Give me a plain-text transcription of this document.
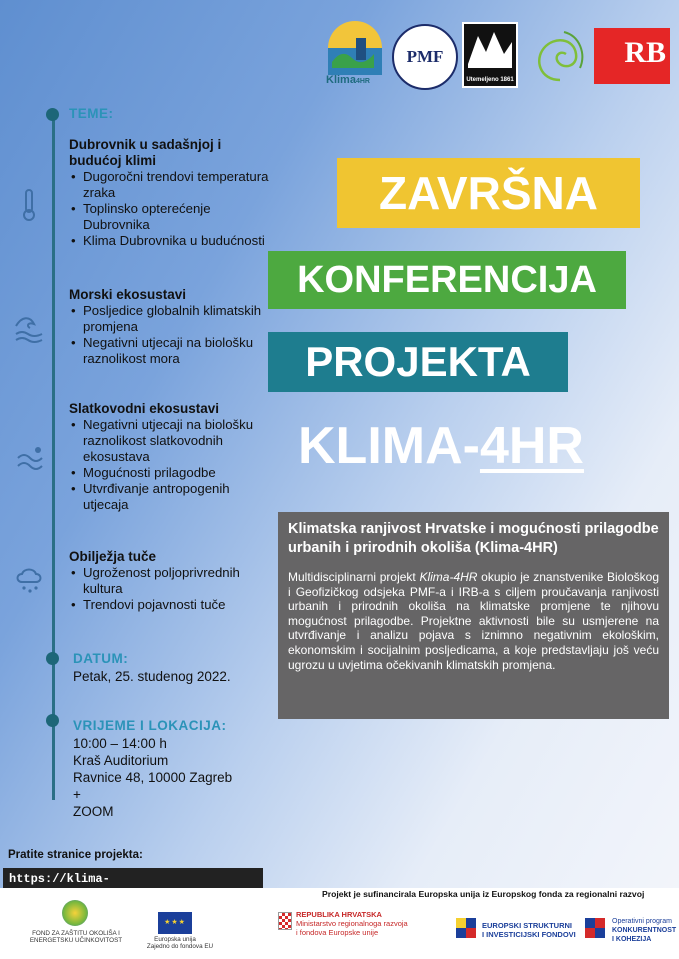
Klima4HR
PMF
Utemeljeno 1861
RB
TEME:
Dubrovnik u sadašnjoj i budućoj klimi
• Dugoročni trendovi temperatura zraka
• Toplinsko opterećenje Dubrovnika
• Klima Dubrovnika u budućnosti
Morski ekosustavi
• Posljedice globalnih klimatskih promjena
• Negativni utjecaji na biološku raznolikost mora
Slatkovodni ekosustavi
• Negativni utjecaji na biološku raznolikost slatkovodnih ekosustava
• Mogućnosti prilagodbe
• Utvrđivanje antropogenih utjecaja
Obilježja tuče
• Ugroženost poljoprivrednih kultura
• Trendovi pojavnosti tuče
DATUM:
Petak, 25. studenog 2022.
VRIJEME I LOKACIJA:
10:00 – 14:00 h
Kraš Auditorium
Ravnice 48, 10000 Zagreb
+
ZOOM
ZAVRŠNA
KONFERENCIJA
PROJEKTA
KLIMA-4HR
Klimatska ranjivost Hrvatske i mogućnosti prilagodbe urbanih i prirodnih okoliša (Klima-4HR)
Multidisciplinarni projekt Klima-4HR okupio je znanstvenike Biološkog i Geofizičkog odsjeka PMF-a i IRB-a s ciljem proučavanja ranjivosti urbanih i prirodnih okoliša na klimatske promjene te njihovu mogućnost prilagodbe. Projektne aktivnosti bile su usmjerene na utvrđivanje i analizu pojava s iznimno negativnim ekološkim, ekonomskim i socijalnim posljedicama, a koje predstavljaju još veću ugrozu u uvjetima očekivanih klimatskih promjena.
Pratite stranice projekta:
https://klima-
FOND ZA ZAŠTITU OKOLIŠA I ENERGETSKU UČINKOVITOST
★★★
Europska unija
Zajedno do fondova EU
REPUBLIKA HRVATSKA
Ministarstvo regionalnoga razvoja
i fondova Europske unije
EUROPSKI STRUKTURNI
I INVESTICIJSKI FONDOVI
Operativni program
KONKURENTNOST
I KOHEZIJA
Projekt je sufinancirala Europska unija iz Europskog fonda za regionalni razvoj
